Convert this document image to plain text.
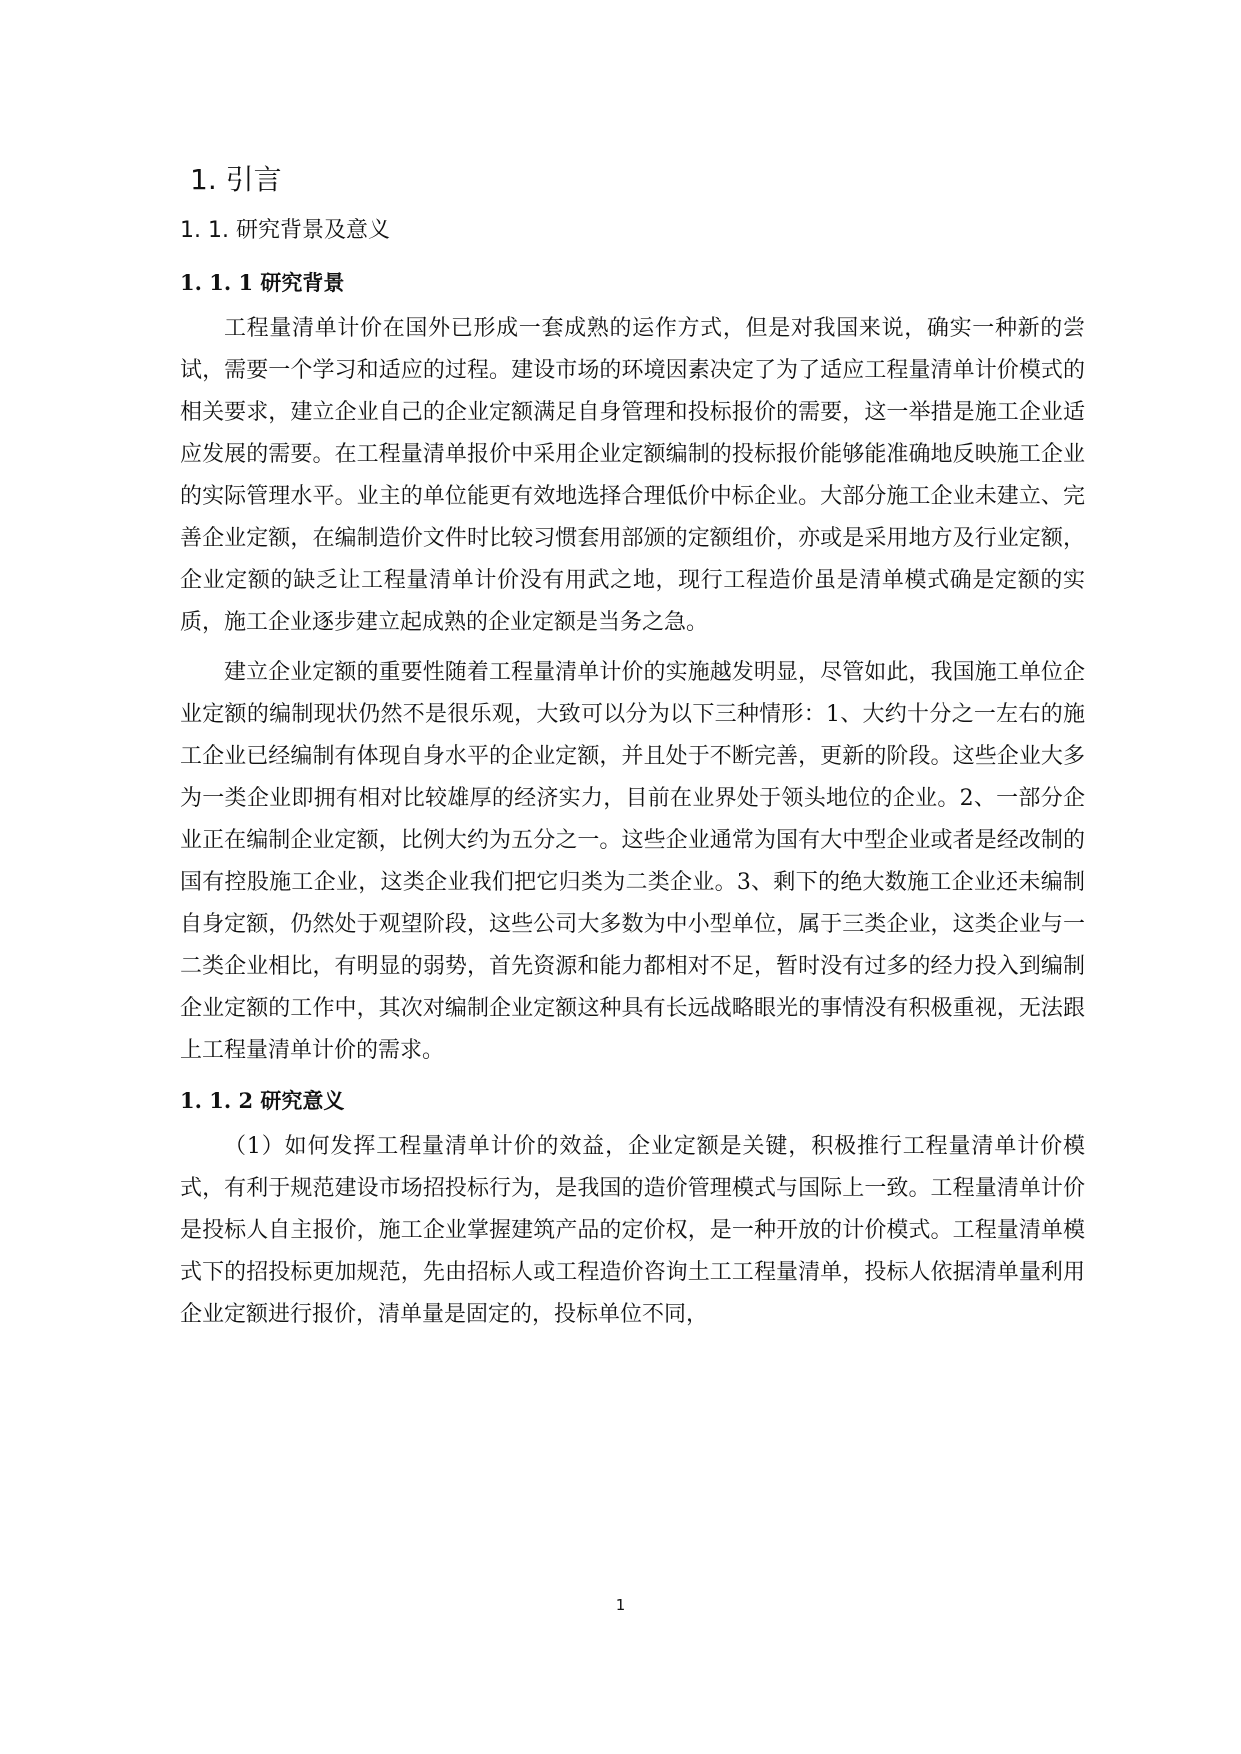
1. 引言
1. 1. 研究背景及意义
1. 1. 1 研究背景

工程量清单计价在国外已形成一套成熟的运作方式，但是对我国来说，确实一种新的尝试，需要一个学习和适应的过程。建设市场的环境因素决定了为了适应工程量清单计价模式的相关要求，建立企业自己的企业定额满足自身管理和投标报价的需要，这一举措是施工企业适应发展的需要。在工程量清单报价中采用企业定额编制的投标报价能够能准确地反映施工企业的实际管理水平。业主的单位能更有效地选择合理低价中标企业。大部分施工企业未建立、完善企业定额，在编制造价文件时比较习惯套用部颁的定额组价，亦或是采用地方及行业定额，企业定额的缺乏让工程量清单计价没有用武之地，现行工程造价虽是清单模式确是定额的实质，施工企业逐步建立起成熟的企业定额是当务之急。

建立企业定额的重要性随着工程量清单计价的实施越发明显，尽管如此，我国施工单位企业定额的编制现状仍然不是很乐观，大致可以分为以下三种情形：1、大约十分之一左右的施工企业已经编制有体现自身水平的企业定额，并且处于不断完善，更新的阶段。这些企业大多为一类企业即拥有相对比较雄厚的经济实力，目前在业界处于领头地位的企业。2、一部分企业正在编制企业定额，比例大约为五分之一。这些企业通常为国有大中型企业或者是经改制的国有控股施工企业，这类企业我们把它归类为二类企业。3、剩下的绝大数施工企业还未编制自身定额，仍然处于观望阶段，这些公司大多数为中小型单位，属于三类企业，这类企业与一二类企业相比，有明显的弱势，首先资源和能力都相对不足，暂时没有过多的经力投入到编制企业定额的工作中，其次对编制企业定额这种具有长远战略眼光的事情没有积极重视，无法跟上工程量清单计价的需求。

1. 1. 2 研究意义

（1）如何发挥工程量清单计价的效益，企业定额是关键，积极推行工程量清单计价模式，有利于规范建设市场招投标行为，是我国的造价管理模式与国际上一致。工程量清单计价是投标人自主报价，施工企业掌握建筑产品的定价权，是一种开放的计价模式。工程量清单模式下的招投标更加规范，先由招标人或工程造价咨询土工工程量清单，投标人依据清单量利用企业定额进行报价，清单量是固定的，投标单位不同，

1
